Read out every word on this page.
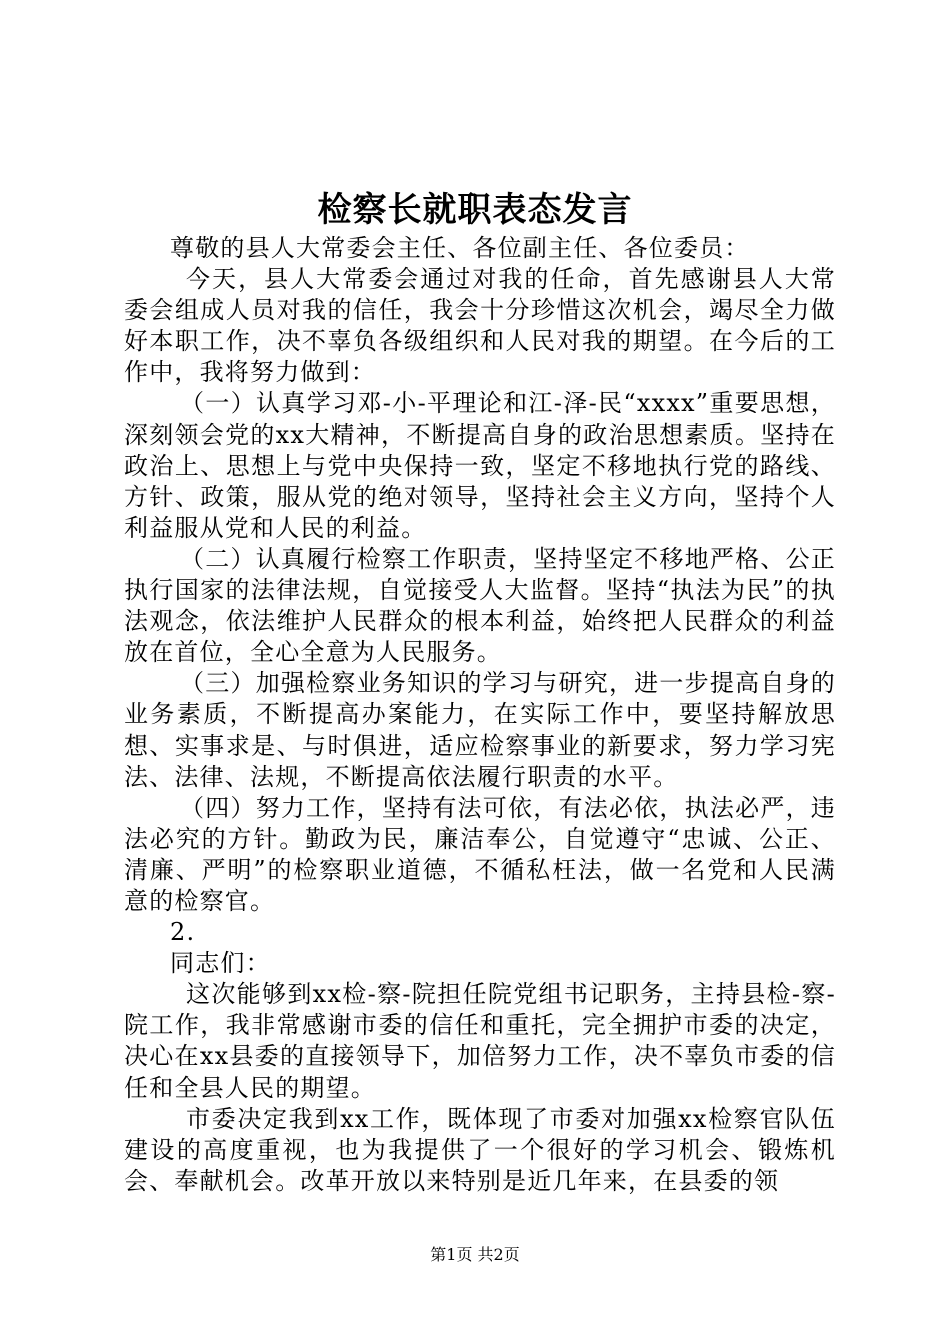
检察长就职表态发言

尊敬的县人大常委会主任、各位副主任、各位委员：

今天，县人大常委会通过对我的任命，首先感谢县人大常委会组成人员对我的信任，我会十分珍惜这次机会，竭尽全力做好本职工作，决不辜负各级组织和人民对我的期望。在今后的工作中，我将努力做到：

（一）认真学习邓-小-平理论和江-泽-民“xxxx”重要思想，深刻领会党的xx大精神，不断提高自身的政治思想素质。坚持在政治上、思想上与党中央保持一致，坚定不移地执行党的路线、方针、政策，服从党的绝对领导，坚持社会主义方向，坚持个人利益服从党和人民的利益。

（二）认真履行检察工作职责，坚持坚定不移地严格、公正执行国家的法律法规，自觉接受人大监督。坚持“执法为民”的执法观念，依法维护人民群众的根本利益，始终把人民群众的利益放在首位，全心全意为人民服务。

（三）加强检察业务知识的学习与研究，进一步提高自身的业务素质，不断提高办案能力，在实际工作中，要坚持解放思想、实事求是、与时俱进，适应检察事业的新要求，努力学习宪法、法律、法规，不断提高依法履行职责的水平。

（四）努力工作，坚持有法可依，有法必依，执法必严，违法必究的方针。勤政为民，廉洁奉公，自觉遵守“忠诚、公正、清廉、严明”的检察职业道德，不循私枉法，做一名党和人民满意的检察官。

2.

同志们：

这次能够到xx检-察-院担任院党组书记职务，主持县检-察-院工作，我非常感谢市委的信任和重托，完全拥护市委的决定，决心在xx县委的直接领导下，加倍努力工作，决不辜负市委的信任和全县人民的期望。

市委决定我到xx工作，既体现了市委对加强xx检察官队伍建设的高度重视，也为我提供了一个很好的学习机会、锻炼机会、奉献机会。改革开放以来特别是近几年来，在县委的领

第1页 共2页
